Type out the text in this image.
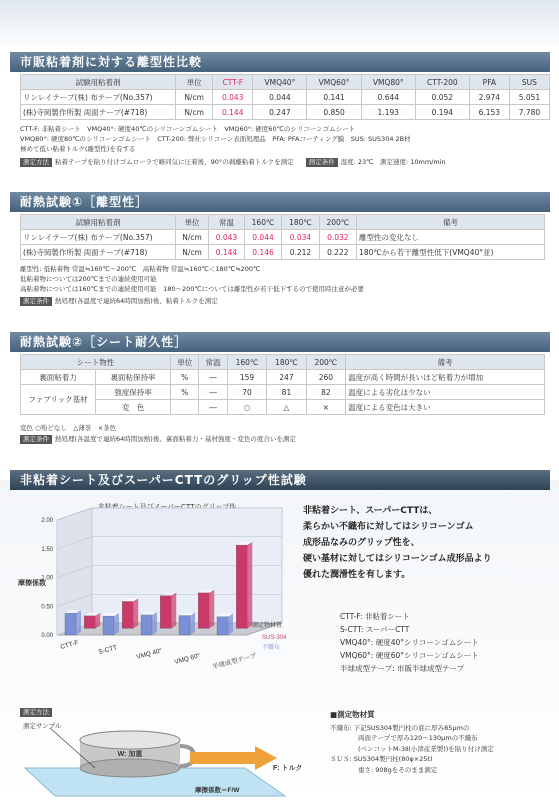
市販粘着剤に対する離型性比較
試験用粘着剤	単位	CTT-F	VMQ40°	VMQ60°	VMQ80°	CTT-200	PFA	SUS
リンレイテープ(株) 布テープ(No.357)	N/cm	0.043	0.044	0.141	0.644	0.052	2.974	5.051
(株)寺岡製作所製 両面テープ(#718)	N/cm	0.144	0.247	0.850	1.193	0.194	6.153	7.780
CTT-F: 非粘着シート　VMQ40°: 硬度40℃のシリコーンゴムシート　VMQ60°: 硬度60℃のシリコーンゴムシート
VMQ80°: 硬度80℃のシリコーンゴムシート　CTT-200: 弊社シリコーン表面処理品　PFA: PFAコーティング膜　SUS: SUS304 2B材
極めて低い粘着トルク(離型性)を有する
測定方法 粘着テープを貼り付けゴムローラで略同気に圧着後、90°の剥離粘着トルクを測定 測定条件 湿度: 23℃　測定速度: 10mm/min
耐熱試験①［離型性］
試験用粘着剤	単位	常温	160℃	180℃	200℃	備考
リンレイテープ(株) 布テープ(No.357)	N/cm	0.043	0.044	0.034	0.032	離型性の変化なし
(株)寺岡製作所製 両面テープ(#718)	N/cm	0.144	0.146	0.212	0.222	180℃から若干離型性低下(VMQ40°並)
離型性: 低粘着物 常温≒160℃～200℃　高粘着物 常温≒160℃＜180℃≒200℃
低粘着物については200℃までの連続使用可能
高粘着物については160℃までの連続使用可能　180～200℃については離型性が若干低下するので使用時注意が必要
測定条件 熱処理(各温度で連続64時間加熱)後、粘着トルクを測定
耐熱試験②［シート耐久性］
シート物性		単位	常温	160℃	180℃	200℃	備考
裏面粘着力	裏面粘保持率	%	―	159	247	260	温度が高く時間が長いほど粘着力が増加
ファブリック基材	強度保持率	%	―	70	81	82	温度による劣化は少ない
	変　色		―	○	△	×	温度による変色は大きい
変色 ○殆どなし　△薄茶　×茶色
測定条件 熱処理(各温度で連続64時間加熱)後、裏面粘着力・基材強度・変色の度合いを測定
非粘着シート及びスーパーCTTのグリップ性試験
摩擦係数
0.00
0.50
1.00
1.50
2.00
CTT-F	S-CTT	VMQ 40° VMQ 60° 半球成型テープ
測定物材質
SUS-304
不織布
非粘着シート、スーパーCTTは、
柔らかい不織布に対してはシリコーンゴム
成形品なみのグリップ性を、
硬い基材に対してはシリコーンゴム成形品より
優れた潤滑性を有します。
CTT-F: 非粘着シート
S-CTT: スーパーCTT
VMQ40°: 硬度40°シリコーンゴムシート
VMQ60°: 硬度60°シリコーンゴムシート
半球成型テープ: 市販半球成型テープ
測定方法
測定サンプル
W: 加重
F: トルク
摩擦係数＝F/W
■測定物材質
不織布: 下記SUS304製円柱の底に厚み85μmの
両面テープで厚み120～130μmの不織布
(ベンコットM-3Ⅱ(小津産業製))を貼り付け測定
ＳＵＳ: SUS304製円柱(80φ×25t)
重さ: 908gをそのまま測定
